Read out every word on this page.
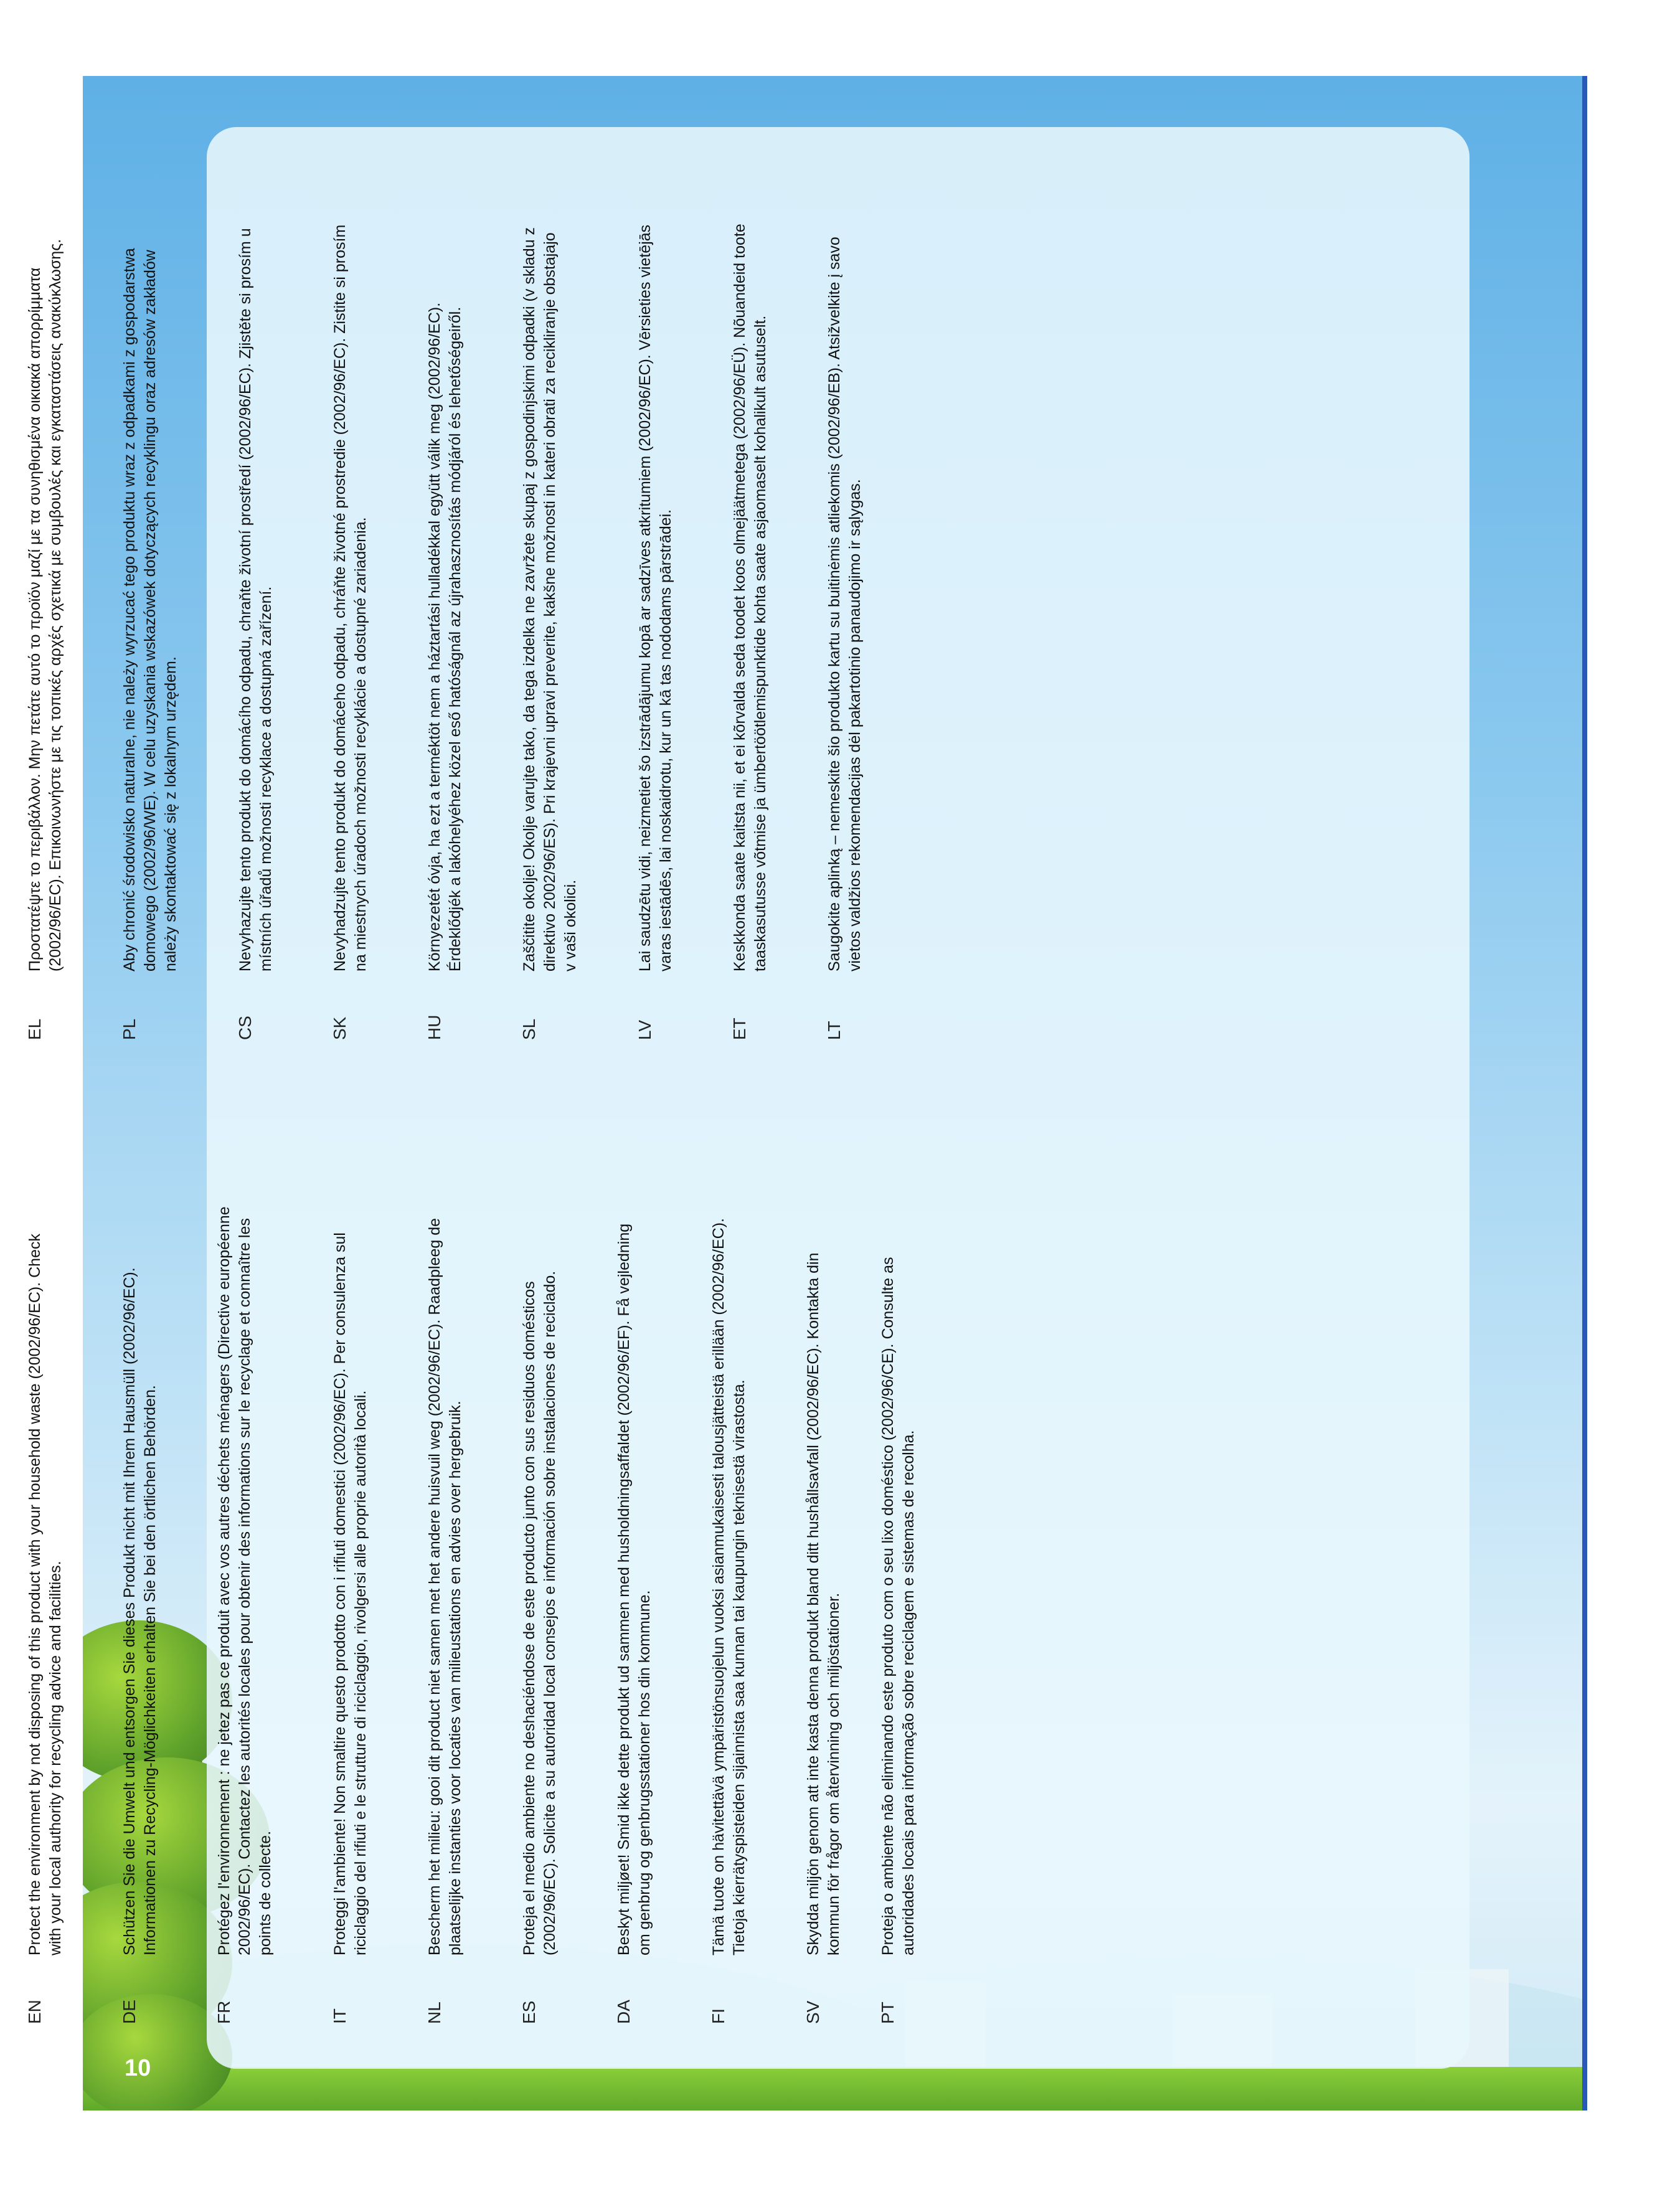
EN
Protect the environment by not disposing of this product with your household waste (2002/96/EC). Check with your local authority for recycling advice and facilities.
DE
Schützen Sie die Umwelt und entsorgen Sie dieses Produkt nicht mit Ihrem Hausmüll (2002/96/EC). Informationen zu Recycling-Möglichkeiten erhalten Sie bei den örtlichen Behörden.
FR
Protégez l'environnement : ne jetez pas ce produit avec vos autres déchets ménagers (Directive européenne 2002/96/EC). Contactez les autorités locales pour obtenir des informations sur le recyclage et connaître les points de collecte.
IT
Proteggi l'ambiente! Non smaltire questo prodotto con i rifiuti domestici (2002/96/EC). Per consulenza sul riciclaggio del rifiuti e le strutture di riciclaggio, rivolgersi alle proprie autorità locali.
NL
Bescherm het milieu: gooi dit product niet samen met het andere huisvuil weg (2002/96/EC). Raadpleeg de plaatselijke instanties voor locaties van milieustations en advies over hergebruik.
ES
Proteja el medio ambiente no deshaciéndose de este producto junto con sus residuos domésticos (2002/96/EC). Solicite a su autoridad local consejos e información sobre instalaciones de reciclado.
DA
Beskyt miljøet! Smid ikke dette produkt ud sammen med husholdningsaffaldet (2002/96/EF). Få vejledning om genbrug og genbrugsstationer hos din kommune.
FI
Tämä tuote on hävitettävä ympäristönsuojelun vuoksi asianmukaisesti talousjätteistä erillään (2002/96/EC). Tietoja kierrätyspisteiden sijainnista saa kunnan tai kaupungin teknisestä virastosta.
SV
Skydda miljön genom att inte kasta denna produkt bland ditt hushållsavfall (2002/96/EC). Kontakta din kommun för frågor om återvinning och miljöstationer.
PT
Proteja o ambiente não eliminando este produto com o seu lixo doméstico (2002/96/CE). Consulte as autoridades locais para informação sobre reciclagem e sistemas de recolha.
EL
Προστατέψτε το περιβάλλον. Μην πετάτε αυτό το προϊόν μαζί με τα συνηθισμένα οικιακά απορρίμματα (2002/96/EC). Επικοινωνήστε με τις τοπικές αρχές σχετικά με συμβουλές και εγκαταστάσεις ανακύκλωσης.
PL
Aby chronić środowisko naturalne, nie należy wyrzucać tego produktu wraz z odpadkami z gospodarstwa domowego (2002/96/WE). W celu uzyskania wskazówek dotyczących recyklingu oraz adresów zakładów należy skontaktować się z lokalnym urzędem.
CS
Nevyhazujte tento produkt do domácího odpadu, chraňte životní prostředí (2002/96/EC). Zjistěte si prosím u místních úřadů možnosti recyklace a dostupná zařízení.
SK
Nevyhadzujte tento produkt do domáceho odpadu, chráňte životné prostredie (2002/96/EC). Zistite si prosím na miestnych úradoch možnosti recyklácie a dostupné zariadenia.
HU
Környezetét óvja, ha ezt a terméktöt nem a háztartási hulladékkal együtt válik meg (2002/96/EC). Érdeklődjék a lakóhelyéhez közel eső hatóságnál az újrahasznosítás módjáról és lehetőségeiről.
SL
Zaščitite okolje! Okolje varujte tako, da tega izdelka ne zavržete skupaj z gospodinjskimi odpadki (v skladu z direktivo 2002/96/ES). Pri krajevni upravi preverite, kakšne možnosti in kateri obrati za recikliranje obstajajo v vaši okolici.
LV
Lai saudzētu vidi, neizmetiet šo izstrādājumu kopā ar sadzīves atkritumiem (2002/96/EC). Vērsieties vietējās varas iestādēs, lai noskaidrotu, kur un kā tas nododams pārstrādei.
ET
Keskkonda saate kaitsta nii, et ei kõrvalda seda toodet koos olmejäätmetega (2002/96/EÜ). Nõuandeid toote taaskasutusse võtmise ja ümbertöötlemispunktide kohta saate asjaomaselt kohalikult asutuselt.
LT
Saugokite aplinką – nemeskite šio produkto kartu su buitinėmis atliekomis (2002/96/EB). Atsižvelkite į savo vietos valdžios rekomendacijas dėl pakartotinio panaudojimo ir sąlygas.
10
